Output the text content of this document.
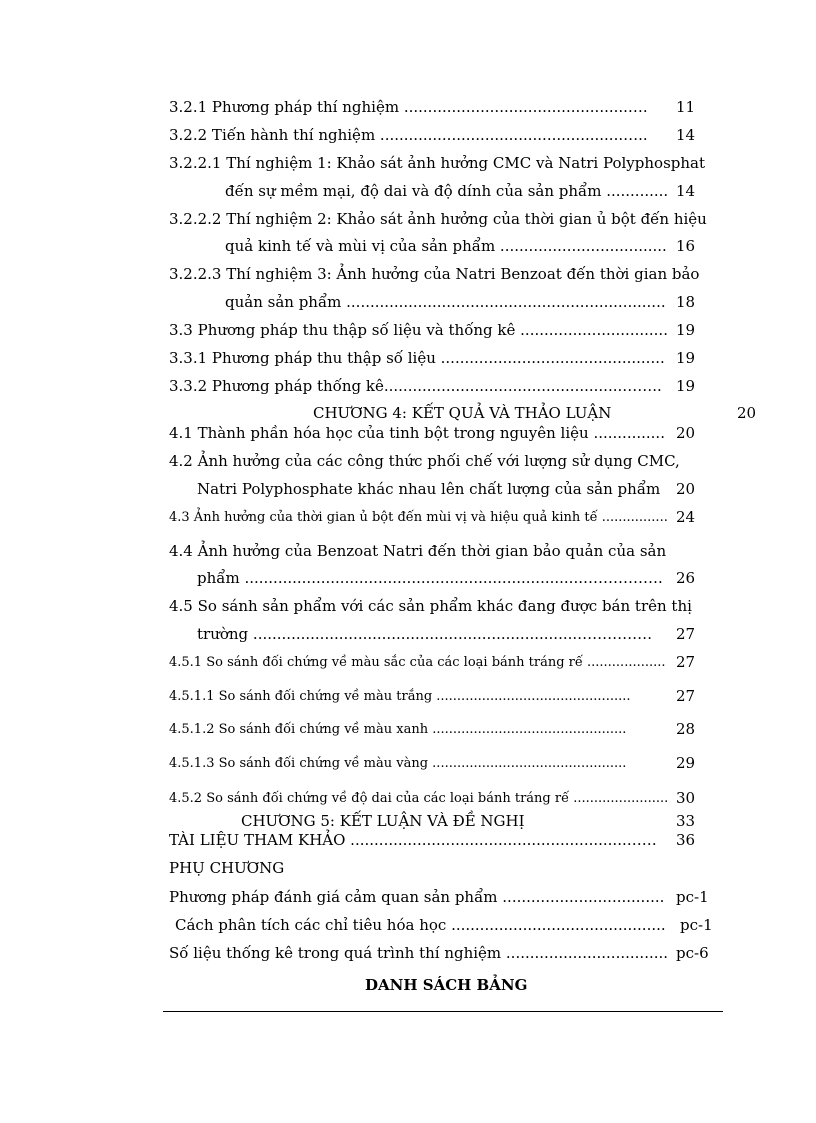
3.2.1 Phương pháp thí nghiệm ...............................................…. 11
3.2.2 Tiến hành thí nghiệm ...................................................….. 14
3.2.2.1 Thí nghiệm 1: Khảo sát ảnh hưởng CMC và Natri Polyphosphat
đến sự mềm mại, độ dai và độ dính của sản phẩm ............. 14
3.2.2.2 Thí nghiệm 2: Khảo sát ảnh hưởng của thời gian ủ bột đến hiệu
quả kinh tế và mùi vị của sản phẩm ................................... 16
3.2.2.3 Thí nghiệm 3: Ảnh hưởng của Natri Benzoat đến thời gian bảo
quản sản phẩm ................................................................... 18
3.3 Phương pháp thu thập số liệu và thống kê ............................... 19
3.3.1 Phương pháp thu thập số liệu ............................................... 19
3.3.2 Phương pháp thống kê..................................................…….. 19
CHƯƠNG 4: KẾT QUẢ VÀ THẢO LUẬN	20
4.1 Thành phần hóa học của tinh bột trong nguyên liệu ............... 20
4.2 Ảnh hưởng của các công thức phối chế với lượng sử dụng CMC,
Natri Polyphosphate khác nhau lên chất lượng của sản phẩm 20
4.3 Ảnh hưởng của thời gian ủ bột đến mùi vị và hiệu quả kinh tế ................ 24
4.4 Ảnh hưởng của Benzoat Natri đến thời gian bảo quản của sản
phẩm .......................................................................……………. 26
4.5 So sánh sản phẩm với các sản phẩm khác đang được bán trên thị
trường ....................................................................…………… 27
4.5.1 So sánh đối chứng về màu sắc của các loại bánh tráng rế ................... 27
4.5.1.1 So sánh đối chứng về màu trắng ...............................................	27
4.5.1.2 So sánh đối chứng về màu xanh ...............................................	28
4.5.1.3 So sánh đối chứng về màu vàng ...............................................	29
4.5.2 So sánh đối chứng về độ dai của các loại bánh tráng rế ....................... 30
CHƯƠNG 5: KẾT LUẬN VÀ ĐỀ NGHỊ	33
TÀI LIỆU THAM KHẢO ..........................................................…… 36
PHỤ CHƯƠNG
Phương pháp đánh giá cảm quan sản phẩm .................................. pc-1
Cách phân tích các chỉ tiêu hóa học ............................................. pc-1
Số liệu thống kê trong quá trình thí nghiệm .................................. pc-6
DANH SÁCH BẢNG
